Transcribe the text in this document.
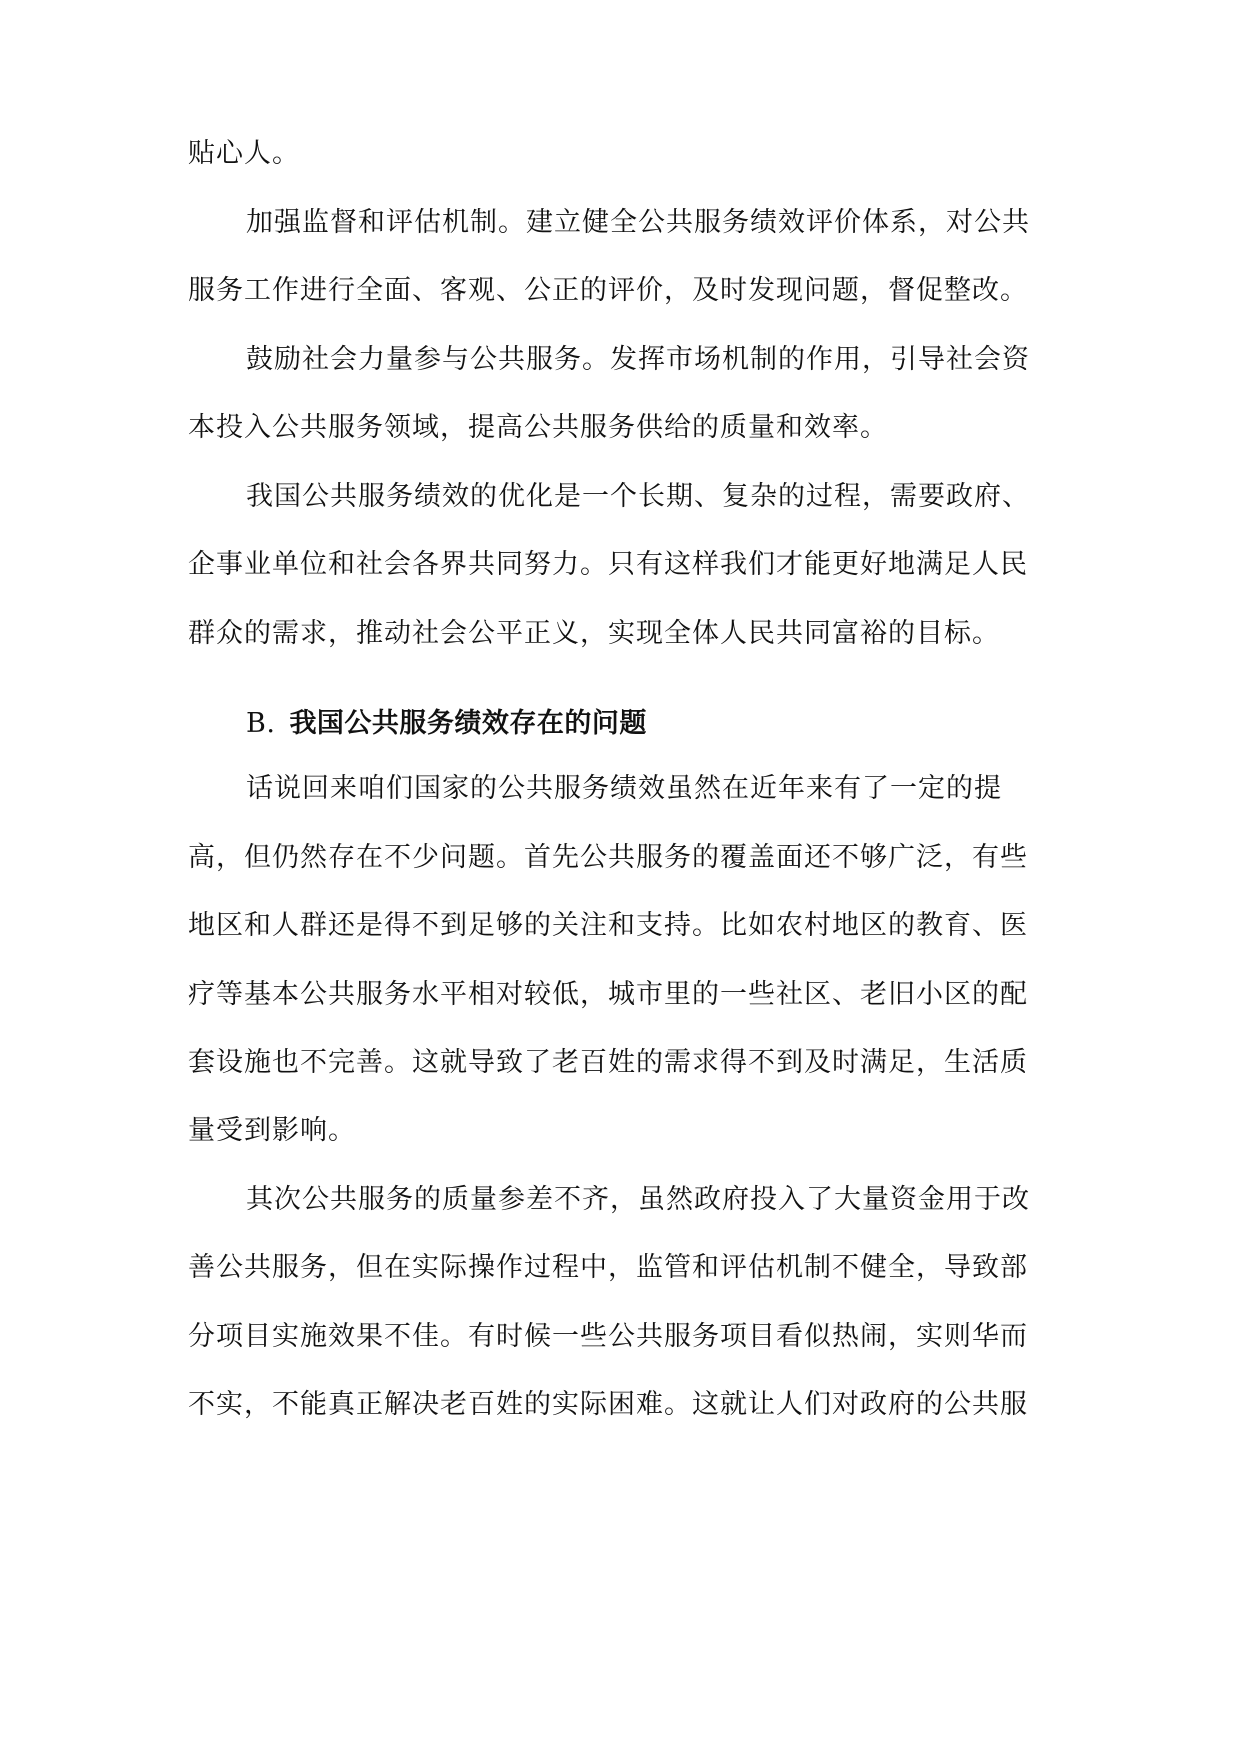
贴心人。
加强监督和评估机制。建立健全公共服务绩效评价体系，对公共
服务工作进行全面、客观、公正的评价，及时发现问题，督促整改。
鼓励社会力量参与公共服务。发挥市场机制的作用，引导社会资
本投入公共服务领域，提高公共服务供给的质量和效率。
我国公共服务绩效的优化是一个长期、复杂的过程，需要政府、
企事业单位和社会各界共同努力。只有这样我们才能更好地满足人民
群众的需求，推动社会公平正义，实现全体人民共同富裕的目标。
B. 我国公共服务绩效存在的问题
话说回来咱们国家的公共服务绩效虽然在近年来有了一定的提
高，但仍然存在不少问题。首先公共服务的覆盖面还不够广泛，有些
地区和人群还是得不到足够的关注和支持。比如农村地区的教育、医
疗等基本公共服务水平相对较低，城市里的一些社区、老旧小区的配
套设施也不完善。这就导致了老百姓的需求得不到及时满足，生活质
量受到影响。
其次公共服务的质量参差不齐，虽然政府投入了大量资金用于改
善公共服务，但在实际操作过程中，监管和评估机制不健全，导致部
分项目实施效果不佳。有时候一些公共服务项目看似热闹，实则华而
不实，不能真正解决老百姓的实际困难。这就让人们对政府的公共服
